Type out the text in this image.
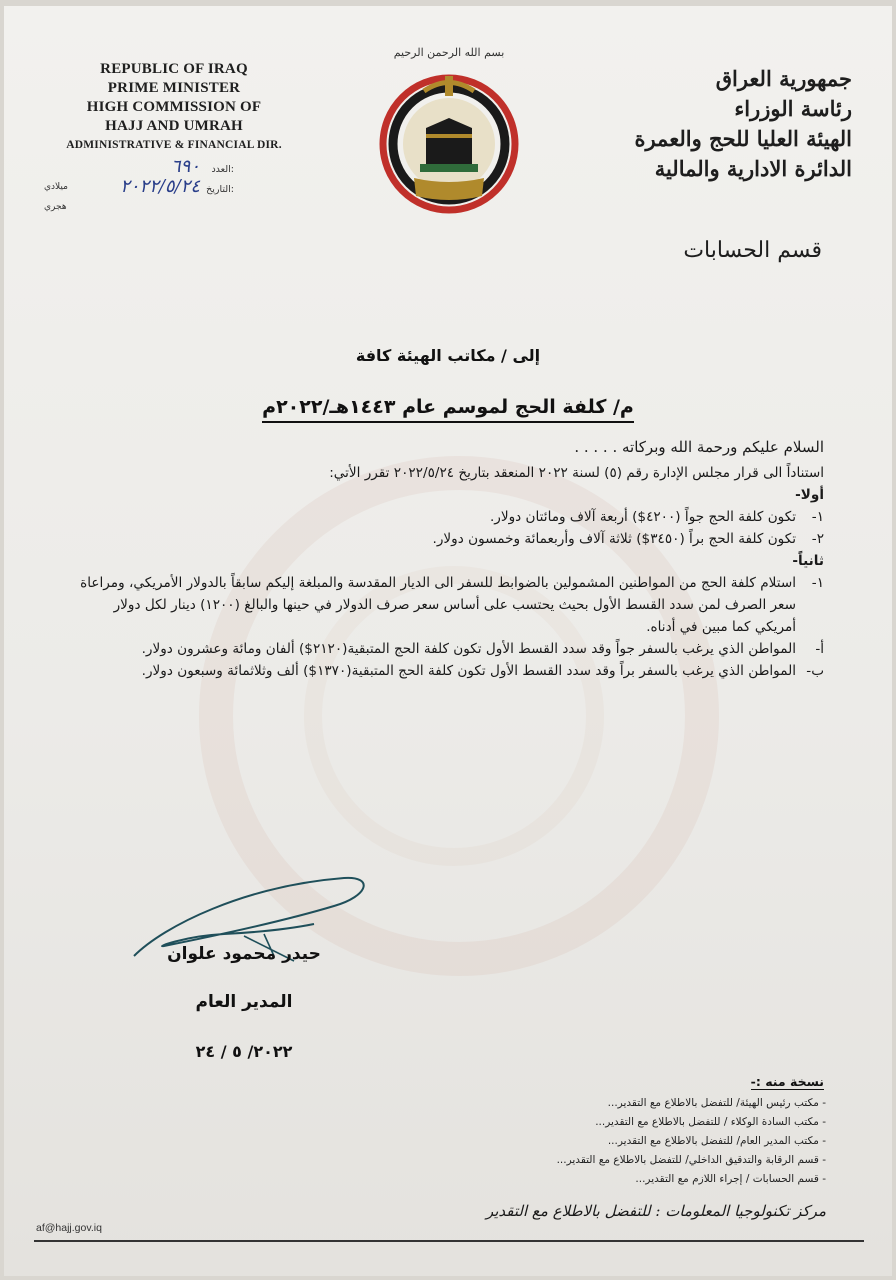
REPUBLIC OF IRAQ
PRIME MINISTER
HIGH COMMISSION OF
HAJJ AND UMRAH
ADMINISTRATIVE & FINANCIAL DIR.
العدد:
٦٩٠
التاريخ:
٢٠٢٢/٥/٢٤
ميلادي
هجري
بسم الله الرحمن الرحيم
جمهورية العراق
رئاسة الوزراء
الهيئة العليا للحج والعمرة
الدائرة الادارية والمالية
قسم الحسابات
إلى / مكاتب الهيئة كافة
م/ كلفة الحج لموسم عام ١٤٤٣هـ/٢٠٢٢م

السلام عليكم ورحمة الله وبركاته . . . . .

استناداً الى قرار مجلس الإدارة رقم (٥) لسنة ٢٠٢٢ المنعقد بتاريخ ٢٠٢٢/٥/٢٤ تقرر الأتي:

أولا-

١-
تكون كلفة الحج جواً (٤٢٠٠$) أربعة آلاف ومائتان دولار.

٢-
تكون كلفة الحج براً (٣٤٥٠$) ثلاثة آلاف وأربعمائة وخمسون دولار.

ثانياً-

١-
استلام كلفة الحج من المواطنين المشمولين بالضوابط للسفر الى الديار المقدسة والمبلغة إليكم سابقاً بالدولار الأمريكي، ومراعاة سعر الصرف لمن سدد القسط الأول بحيث يحتسب على أساس سعر صرف الدولار في حينها والبالغ (١٢٠٠) دينار لكل دولار أمريكي كما مبين في أدناه.

أ-
المواطن الذي يرغب بالسفر جواً وقد سدد القسط الأول تكون كلفة الحج المتبقية(٢١٢٠$) ألفان ومائة وعشرون دولار.

ب-
المواطن الذي يرغب بالسفر براً وقد سدد القسط الأول تكون كلفة الحج المتبقية(١٣٧٠$) ألف وثلاثمائة وسبعون دولار.

حيدر محمود علوان
المدير العام
٢٠٢٢/ ٥ / ٢٤
نسخة منه :-
- مكتب رئيس الهيئة/ للتفضل بالاطلاع مع التقدير...
- مكتب السادة الوكلاء / للتفضل بالاطلاع مع التقدير...
- مكتب المدير العام/ للتفضل بالاطلاع مع التقدير...
- قسم الرقابة والتدقيق الداخلي/ للتفضل بالاطلاع مع التقدير...
- قسم الحسابات / إجراء اللازم مع التقدير...
مركز تكنولوجيا المعلومات : للتفضل بالاطلاع مع التقدير
af@hajj.gov.iq
